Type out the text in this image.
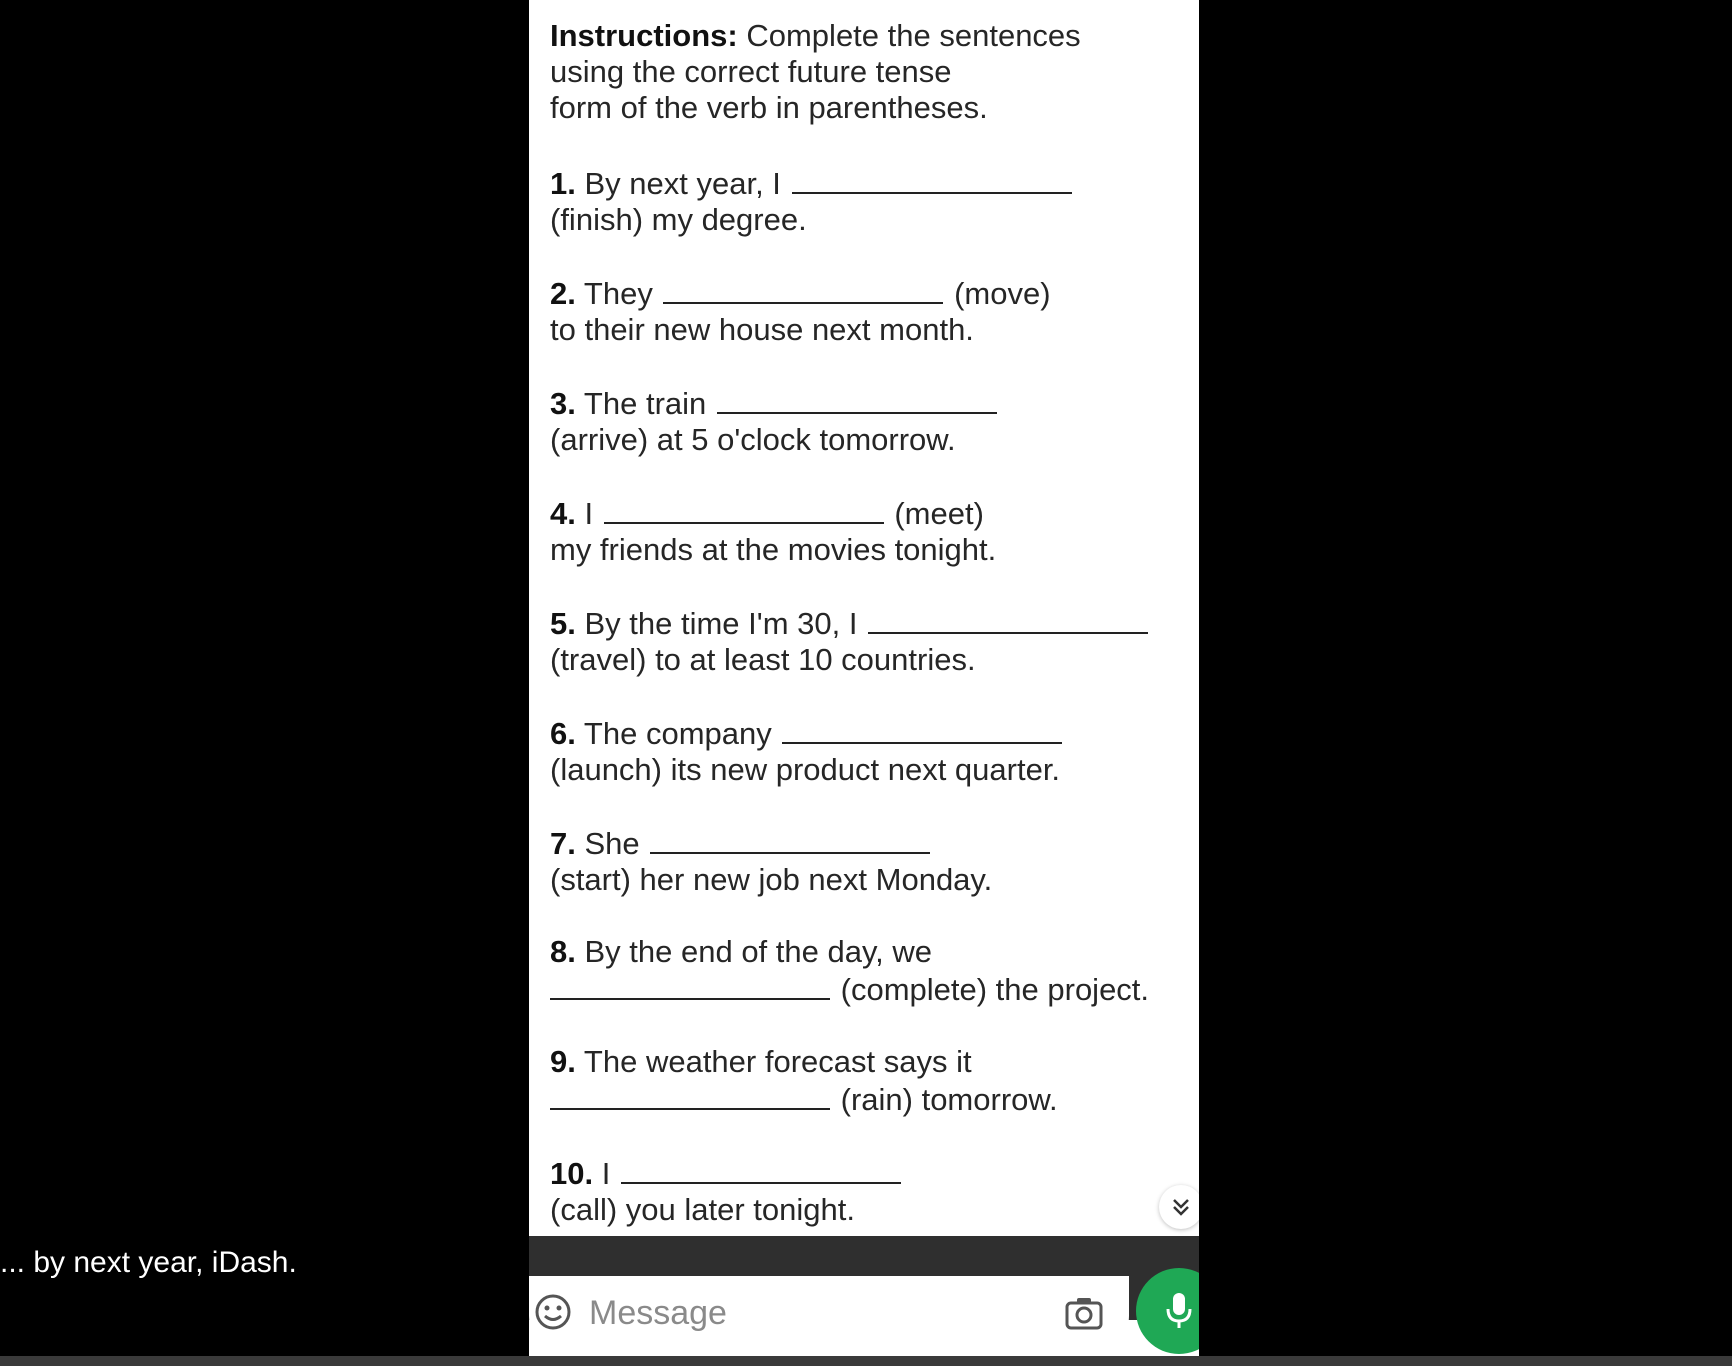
Instructions: Complete the sentences
using the correct future tense
form of the verb in parentheses.

1. By next year, I
(finish) my degree.
2. They	(move)
to their new house next month.
3. The train
(arrive) at 5 o'clock tomorrow.
4. I	(meet)
my friends at the movies tonight.
5. By the time I'm 30, I
(travel) to at least 10 countries.
6. The company
(launch) its new product next quarter.
7. She
(start) her new job next Monday.
8. By the end of the day, we
(complete) the project.
9. The weather forecast says it
(rain) tomorrow.
10. I
(call) you later tonight.
Message
... by next year, iDash.
